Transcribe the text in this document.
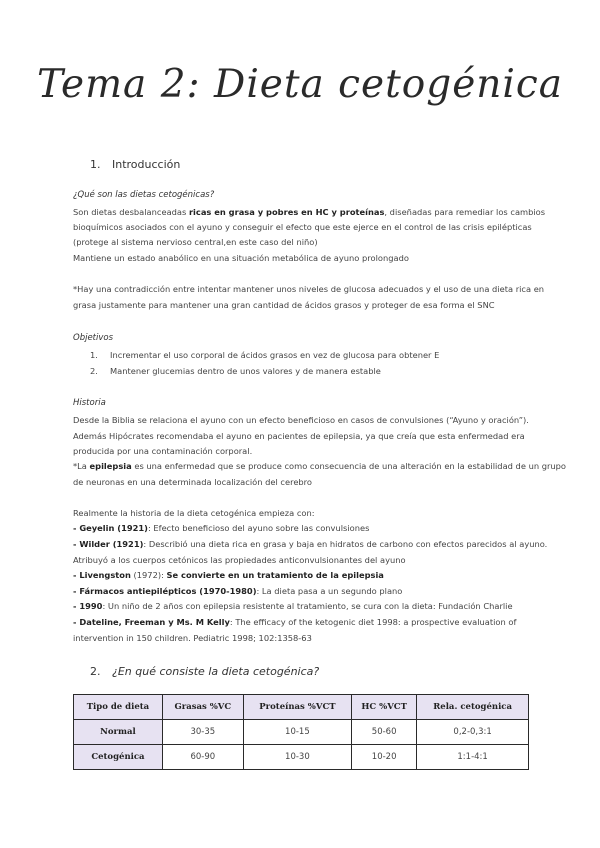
Tema 2: Dieta cetogénica
1. Introducción
¿Qué son las dietas cetogénicas?
Son dietas desbalanceadas ricas en grasa y pobres en HC y proteínas, diseñadas para remediar los cambios
bioquímicos asociados con el ayuno y conseguir el efecto que este ejerce en el control de las crisis epilépticas
(protege al sistema nervioso central,en este caso del niño)
Mantiene un estado anabólico en una situación metabólica de ayuno prolongado
*Hay una contradicción entre intentar mantener unos niveles de glucosa adecuados y el uso de una dieta rica en
grasa justamente para mantener una gran cantidad de ácidos grasos y proteger de esa forma el SNC
Objetivos
1. Incrementar el uso corporal de ácidos grasos en vez de glucosa para obtener E
2. Mantener glucemias dentro de unos valores y de manera estable
Historia
Desde la Biblia se relaciona el ayuno con un efecto beneficioso en casos de convulsiones (“Ayuno y oración”).
Además Hipócrates recomendaba el ayuno en pacientes de epilepsia, ya que creía que esta enfermedad era
producida por una contaminación corporal.
*La epilepsia es una enfermedad que se produce como consecuencia de una alteración en la estabilidad de un grupo
de neuronas en una determinada localización del cerebro
Realmente la historia de la dieta cetogénica empieza con:
- Geyelin (1921): Efecto beneficioso del ayuno sobre las convulsiones
- Wilder (1921): Describió una dieta rica en grasa y baja en hidratos de carbono con efectos parecidos al ayuno.
Atribuyó a los cuerpos cetónicos las propiedades anticonvulsionantes del ayuno
- Livengston (1972): Se convierte en un tratamiento de la epilepsia
- Fármacos antiepilépticos (1970-1980): La dieta pasa a un segundo plano
- 1990: Un niño de 2 años con epilepsia resistente al tratamiento, se cura con la dieta: Fundación Charlie
- Dateline, Freeman y Ms. M Kelly: The efficacy of the ketogenic diet 1998: a prospective evaluation of
intervention in 150 children. Pediatric 1998; 102:1358-63
2. ¿En qué consiste la dieta cetogénica?
Tipo de dieta	Grasas %VC	Proteínas %VCT	HC %VCT	Rela. cetogénica
Normal	30-35	10-15	50-60	0,2-0,3:1
Cetogénica	60-90	10-30	10-20	1:1-4:1
